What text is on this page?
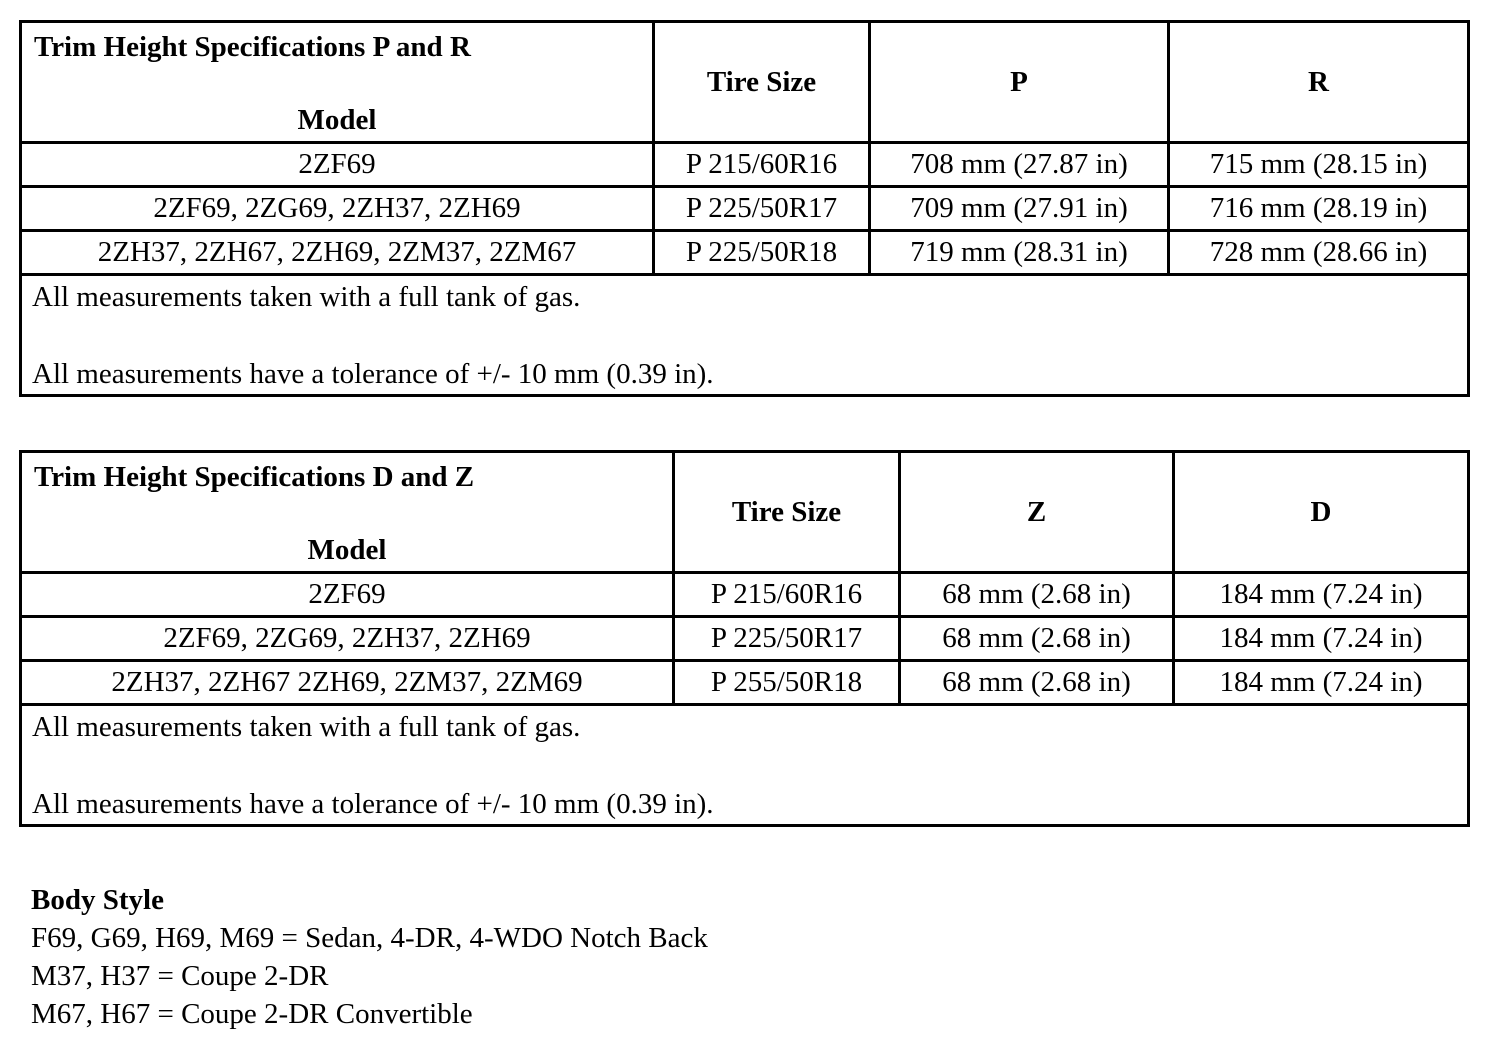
Trim Height Specifications P and R
Model	Tire Size	P	R
2ZF69	P 215/60R16	708 mm (27.87 in)	715 mm (28.15 in)
2ZF69, 2ZG69, 2ZH37, 2ZH69	P 225/50R17	709 mm (27.91 in)	716 mm (28.19 in)
2ZH37, 2ZH67, 2ZH69, 2ZM37, 2ZM67	P 225/50R18	719 mm (28.31 in)	728 mm (28.66 in)

All measurements taken with a full tank of gas.
All measurements have a tolerance of +/- 10 mm (0.39 in).			
Trim Height Specifications D and Z
Model	Tire Size	Z	D
2ZF69	P 215/60R16	68 mm (2.68 in)	184 mm (7.24 in)
2ZF69, 2ZG69, 2ZH37, 2ZH69	P 225/50R17	68 mm (2.68 in)	184 mm (7.24 in)
2ZH37, 2ZH67 2ZH69, 2ZM37, 2ZM69	P 255/50R18	68 mm (2.68 in)	184 mm (7.24 in)

All measurements taken with a full tank of gas.
All measurements have a tolerance of +/- 10 mm (0.39 in).			
Body Style
F69, G69, H69, M69 = Sedan, 4-DR, 4-WDO Notch Back
M37, H37 = Coupe 2-DR
M67, H67 = Coupe 2-DR Convertible
